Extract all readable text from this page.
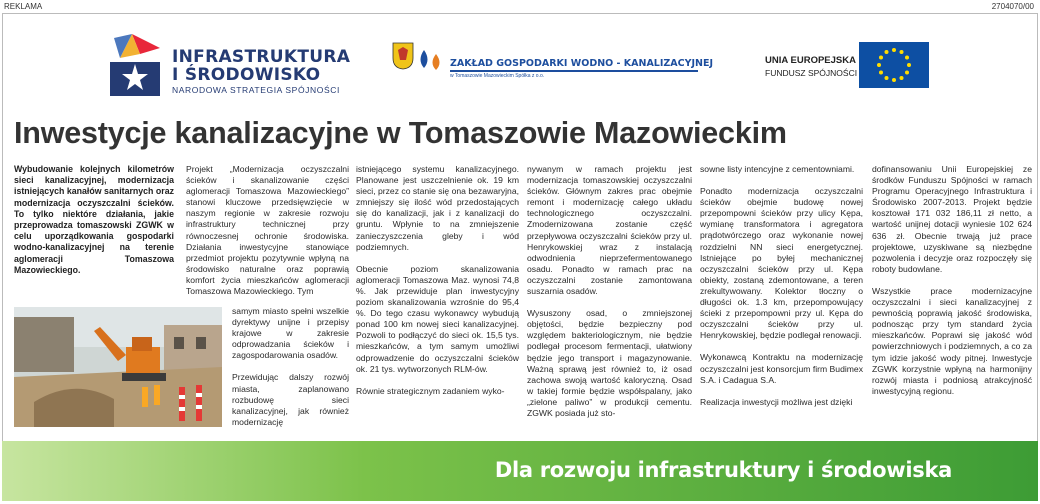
REKLAMA	2704070/00
INFRASTRUKTURA
I ŚRODOWISKO
NARODOWA STRATEGIA SPÓJNOŚCI
ZAKŁAD GOSPODARKI WODNO - KANALIZACYJNEJ
w Tomaszowie Mazowieckim Spółka z o.o.
UNIA EUROPEJSKA
FUNDUSZ SPÓJNOŚCI
Inwestycje kanalizacyjne w Tomaszowie Mazowieckim
Wybudowanie kolejnych kilometrów sieci kanalizacyjnej, modernizacja istniejących kanałów sanitarnych oraz modernizacja oczyszczalni ścieków. To tylko niektóre działania, jakie przeprowadza tomaszowski ZGWK w celu uporządkowania gospodarki wodno-kanalizacyjnej na terenie aglomeracji Tomaszowa Mazowieckiego.

Projekt „Modernizacja oczyszczalni ścieków i skanalizowanie części aglomeracji Tomaszowa Mazowieckiego” stanowi kluczowe przedsięwzięcie w naszym regionie w zakresie rozwoju infrastruktury technicznej przy równoczesnej ochronie środowiska. Działania inwestycyjne stanowiące przedmiot projektu pozytywnie wpłyną na środowisko naturalne oraz poprawią komfort życia mieszkańców aglomeracji Tomaszowa Mazowieckiego. Tym

samym miasto spełni wszelkie dyrektywy unijne i przepisy krajowe w zakresie odprowadzania ścieków i zagospodarowania osadów.

Przewidując dalszy rozwój miasta, zaplanowano rozbudowę sieci kanalizacyjnej, jak również modernizację

istniejącego systemu kanalizacyjnego. Planowane jest uszczelnienie ok. 19 km sieci, przez co stanie się ona bezawaryjna, zmniejszy się ilość wód przedostających się do kanalizacji, jak i z kanalizacji do gruntu. Wpłynie to na zmniejszenie zanieczyszczenia gleby i wód podziemnych.

Obecnie poziom skanalizowania aglomeracji Tomaszowa Maz. wynosi 74,8 %. Jak przewiduje plan inwestycyjny poziom skanalizowania wzrośnie do 95,4 %. Do tego czasu wykonawcy wybudują ponad 100 km nowej sieci kanalizacyjnej. Pozwoli to podłączyć do sieci ok. 15,5 tys. mieszkańców, a tym samym umożliwi odprowadzenie do oczyszczalni ścieków ok. 21 tys. wytworzonych RLM-ów.

Równie strategicznym zadaniem wyko-

nywanym w ramach projektu jest modernizacja tomaszowskiej oczyszczalni ścieków. Głównym zakres prac obejmie remont i modernizację całego układu technologicznego oczyszczalni. Zmodernizowana zostanie część przepływowa oczyszczalni ścieków przy ul. Henrykowskiej wraz z instalacją odwodnienia nieprzefermentowanego osadu. Ponadto w ramach prac na oczyszczalni zostanie zamontowana suszarnia osadów.

Wysuszony osad, o zmniejszonej objętości, będzie bezpieczny pod względem bakteriologicznym, nie będzie podlegał procesom fermentacji, ułatwiony będzie jego transport i magazynowanie. Ważną sprawą jest również to, iż osad zachowa swoją wartość kaloryczną. Osad w takiej formie będzie współspalany, jako „zielone paliwo” w produkcji cementu. ZGWK posiada już sto-

sowne listy intencyjne z cementowniami.

Ponadto modernizacja oczyszczalni ścieków obejmie budowę nowej przepompowni ścieków przy ulicy Kępa, wymianę transformatora i agregatora prądotwórczego oraz wykonanie nowej rozdzielni NN sieci energetycznej. Istniejące po byłej mechanicznej oczyszczalni ścieków przy ul. Kępa obiekty, zostaną zdemontowane, a teren zrekultywowany. Kolektor tłoczny o długości ok. 1.3 km, przepompowujący ścieki z przepompowni przy ul. Kępa do oczyszczalni ścieków przy ul. Henrykowskiej, będzie podlegał renowacji.

Wykonawcą Kontraktu na modernizację oczyszczalni jest konsorcjum firm Budimex S.A. i Cadagua S.A.

Realizacja inwestycji możliwa jest dzięki

dofinansowaniu Unii Europejskiej ze środków Funduszu Spójności w ramach Programu Operacyjnego Infrastruktura i Środowisko 2007-2013. Projekt będzie kosztował 171 032 186,11 zł netto, a wartość unijnej dotacji wyniesie 102 624 636 zł. Obecnie trwają już prace projektowe, uzyskiwane są niezbędne pozwolenia i decyzje oraz rozpoczęły się roboty budowlane.

Wszystkie prace modernizacyjne oczyszczalni i sieci kanalizacyjnej z pewnością poprawią jakość środowiska, podnosząc przy tym standard życia mieszkańców. Poprawi się jakość wód powierzchniowych i podziemnych, a co za tym idzie jakość wody pitnej. Inwestycje ZGWK korzystnie wpłyną na harmonijny rozwój miasta i podniosą atrakcyjność inwestycyjną regionu.

Dla rozwoju infrastruktury i środowiska
